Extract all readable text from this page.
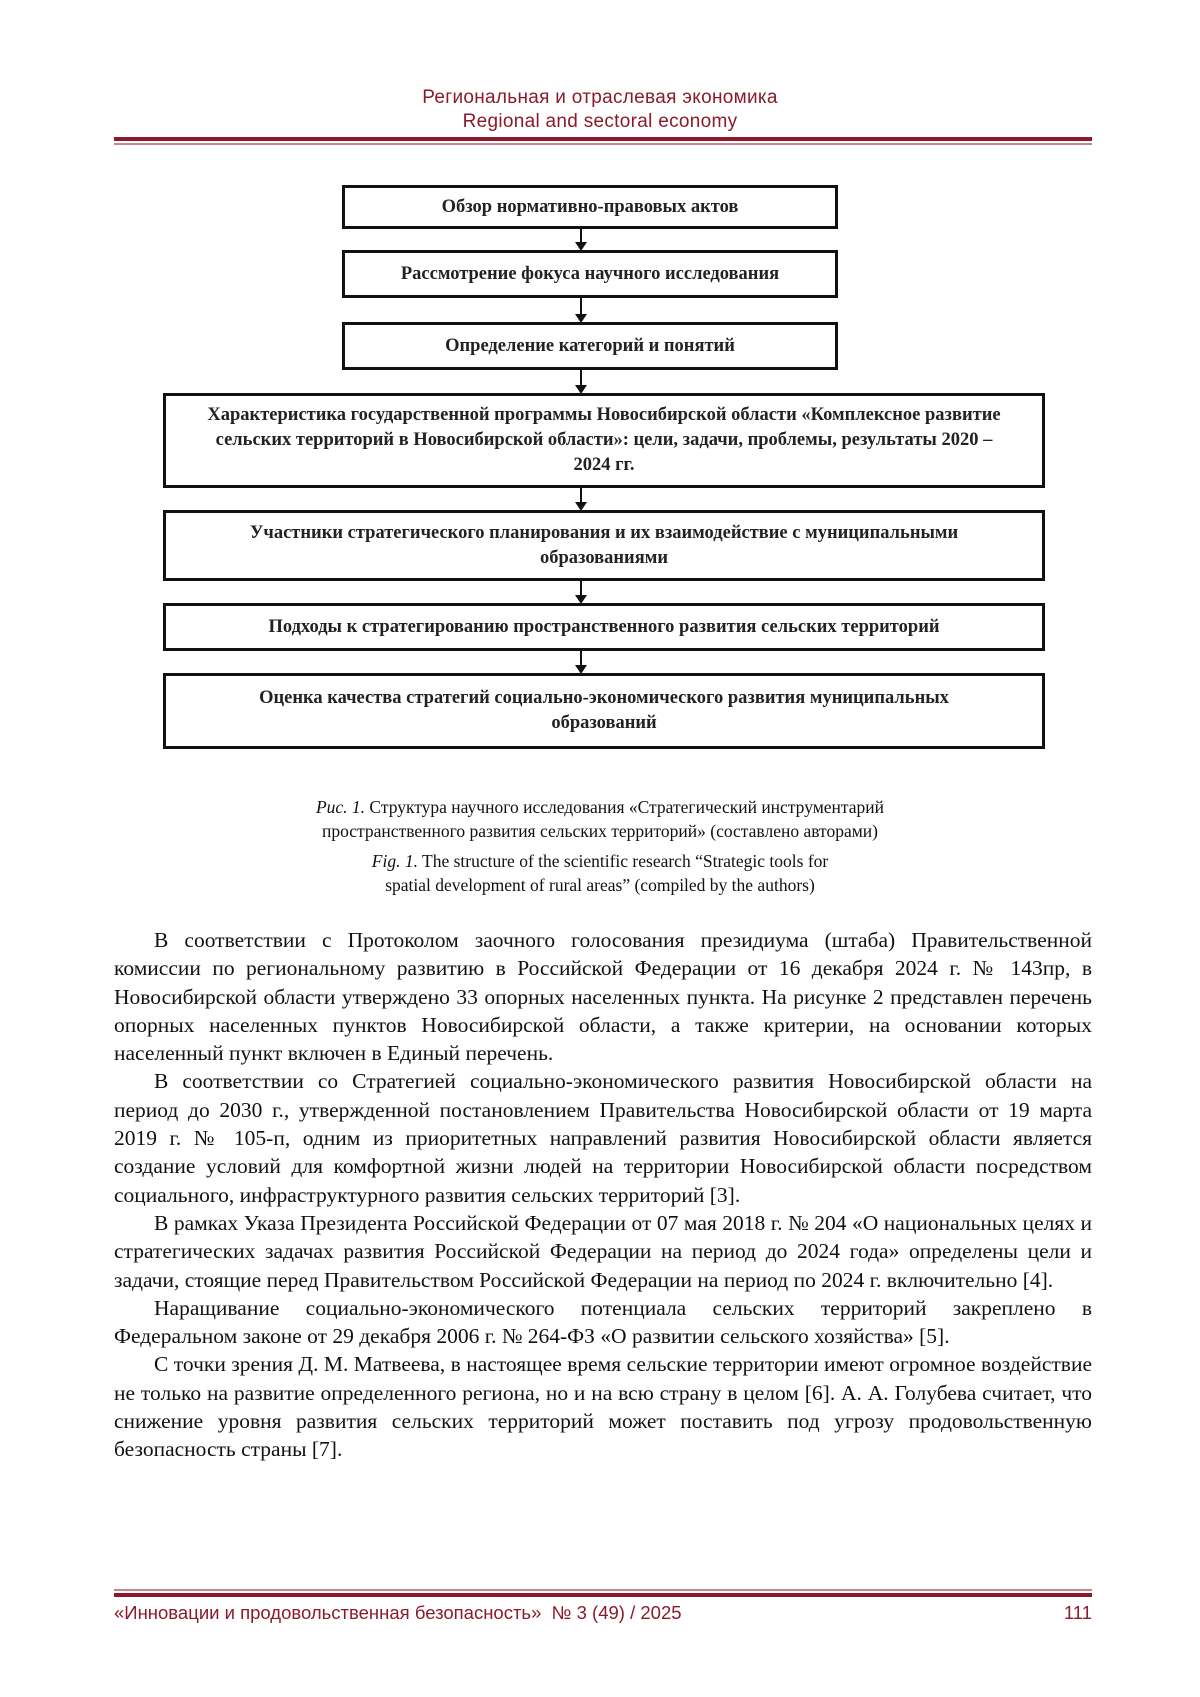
Региональная и отраслевая экономика
Regional and sectoral economy
Обзор нормативно-правовых актов
Рассмотрение фокуса научного исследования
Определение категорий и понятий
Характеристика государственной программы Новосибирской области «Комплексное развитие сельских территорий в Новосибирской области»: цели, задачи, проблемы, результаты 2020 – 2024 гг.
Участники стратегического планирования и их взаимодействие с муниципальными образованиями
Подходы к стратегированию пространственного развития сельских территорий
Оценка качества стратегий социально-экономического развития муниципальных образований
Рис. 1. Структура научного исследования «Стратегический инструментарий пространственного развития сельских территорий» (составлено авторами)
Fig. 1. The structure of the scientific research “Strategic tools for spatial development of rural areas” (compiled by the authors)

В соответствии с Протоколом заочного голосования президиума (штаба) Правительственной комиссии по региональному развитию в Российской Федерации от 16 декабря 2024 г. № 143пр, в Новосибирской области утверждено 33 опорных населенных пункта. На рисунке 2 представлен перечень опорных населенных пунктов Новосибирской области, а также критерии, на основании которых населенный пункт включен в Единый перечень.

В соответствии со Стратегией социально-экономического развития Новосибирской области на период до 2030 г., утвержденной постановлением Правительства Новосибирской области от 19 марта 2019 г. № 105-п, одним из приоритетных направлений развития Новосибирской области является создание условий для комфортной жизни людей на территории Новосибирской области посредством социального, инфраструктурного развития сельских территорий [3].

В рамках Указа Президента Российской Федерации от 07 мая 2018 г. № 204 «О национальных целях и стратегических задачах развития Российской Федерации на период до 2024 года» определены цели и задачи, стоящие перед Правительством Российской Федерации на период по 2024 г. включительно [4].

Наращивание социально-экономического потенциала сельских территорий закреплено в Федеральном законе от 29 декабря 2006 г. № 264-ФЗ «О развитии сельского хозяйства» [5].

С точки зрения Д. М. Матвеева, в настоящее время сельские территории имеют огромное воздействие не только на развитие определенного региона, но и на всю страну в целом [6]. А. А. Голубева считает, что снижение уровня развития сельских территорий может поставить под угрозу продовольственную безопасность страны [7].

«Инновации и продовольственная безопасность»  № 3 (49) / 2025	111
